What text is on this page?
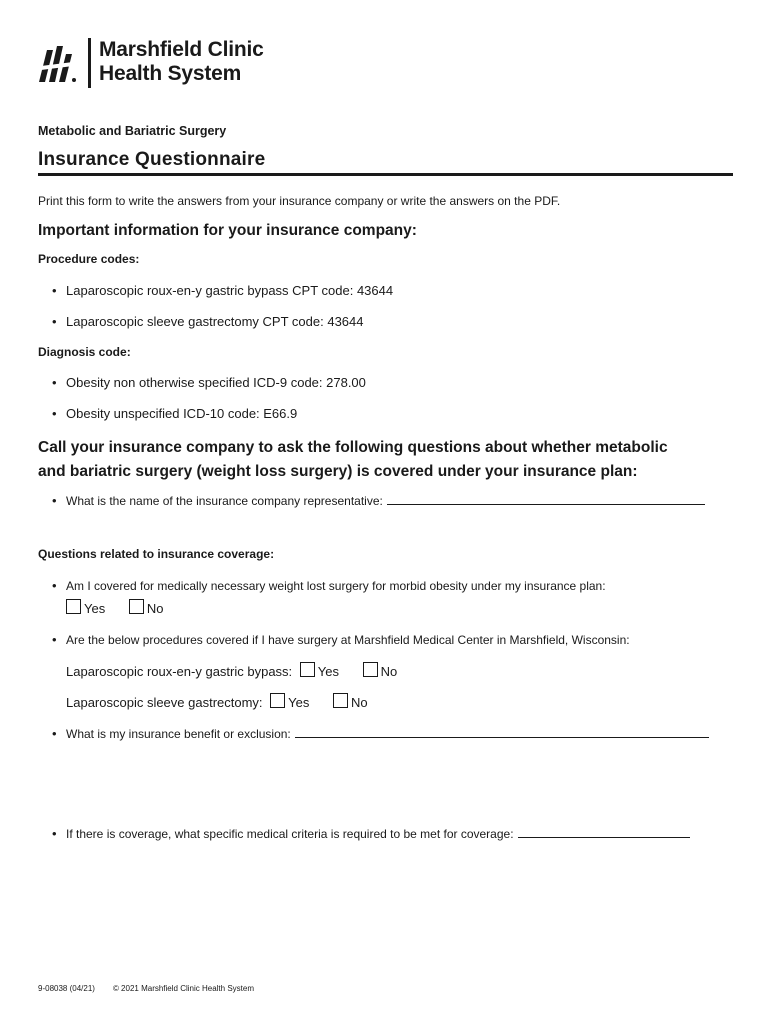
Marshfield Clinic
Health System
Metabolic and Bariatric Surgery
Insurance Questionnaire
Print this form to write the answers from your insurance company or write the answers on the PDF.
Important information for your insurance company:
Procedure codes:
• Laparoscopic roux-en-y gastric bypass CPT code: 43644
• Laparoscopic sleeve gastrectomy CPT code: 43644
Diagnosis code:
• Obesity non otherwise specified ICD-9 code: 278.00
• Obesity unspecified ICD-10 code: E66.9
Call your insurance company to ask the following questions about whether metabolic
and bariatric surgery (weight loss surgery) is covered under your insurance plan:
• What is the name of the insurance company representative:
Questions related to insurance coverage:
• Am I covered for medically necessary weight lost surgery for morbid obesity under my insurance plan:
Yes	No
• Are the below procedures covered if I have surgery at Marshfield Medical Center in Marshfield, Wisconsin:
Laparoscopic roux-en-y gastric bypass: Yes	No
Laparoscopic sleeve gastrectomy: Yes	No
• What is my insurance benefit or exclusion:
• If there is coverage, what specific medical criteria is required to be met for coverage:
9-08038 (04/21) © 2021 Marshfield Clinic Health System
